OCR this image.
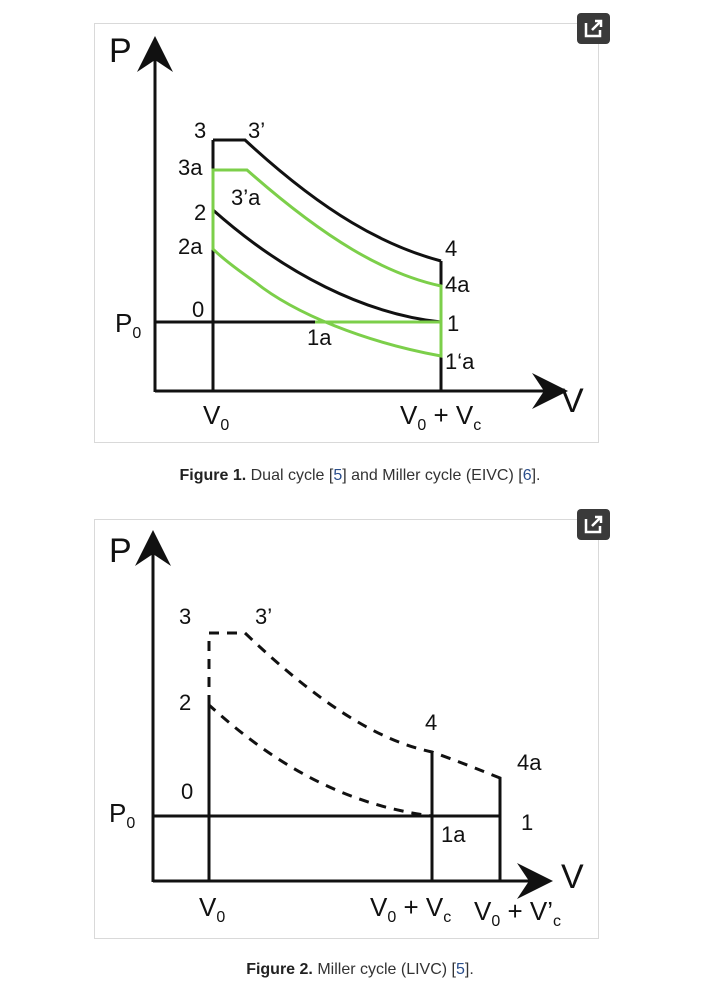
P
V
$P_0$
$V_0$	$V_0 + V_c$
3 3’
3a
3’a
2
2a
0
1a
4
4a
1
1‘a
Figure 1. Dual cycle [5] and Miller cycle (EIVC) [6].
P
V
$P_0$
$V_0$	$V_0 + V_c$ $V_0$ + $V’_c$
3	3’
2
0
4
4a
1
1a
Figure 2. Miller cycle (LIVC) [5].
